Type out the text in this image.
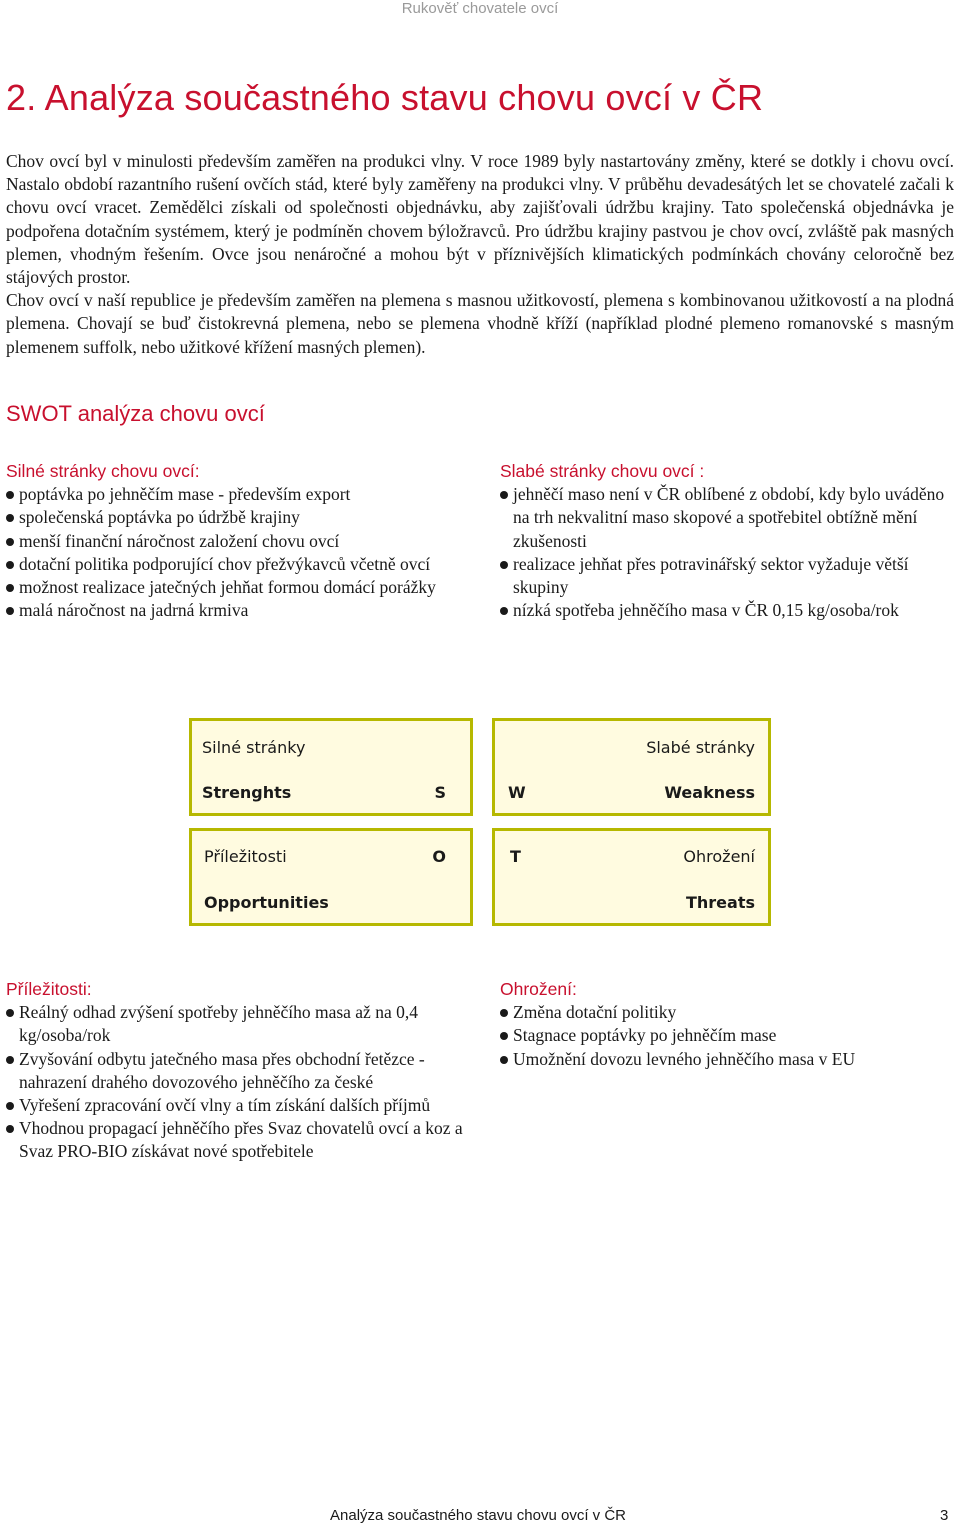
Rukověť chovatele ovcí
2. Analýza součastného stavu chovu ovcí v ČR

Chov ovcí byl v minulosti především zaměřen na produkci vlny. V roce 1989 byly nastartovány změny, které se dotkly i chovu ovcí. Nastalo období razantního rušení ovčích stád, které byly zaměřeny na produkci vlny. V průběhu devadesátých let se chovatelé začali k chovu ovcí vracet. Zemědělci získali od společnosti objednávku, aby zajišťovali údržbu krajiny. Tato společenská objednávka je podpořena dotačním systémem, který je podmíněn chovem býložravců. Pro údržbu krajiny pastvou je chov ovcí, zvláště pak masných plemen, vhodným řešením. Ovce jsou nenáročné a mohou být v příznivějších klimatických podmínkách chovány celoročně bez stájových prostor.

Chov ovcí v naší republice je především zaměřen na plemena s masnou užitkovostí, plemena s kombinovanou užitkovostí a na plodná plemena. Chovají se buď čistokrevná plemena, nebo se plemena vhodně kříží (například plodné plemeno romanovské s masným plemenem suffolk, nebo užitkové křížení masných plemen).

SWOT analýza chovu ovcí
Silné stránky chovu ovcí:
poptávka po jehněčím mase - především export
společenská poptávka po údržbě krajiny
menší finanční náročnost založení chovu ovcí
dotační politika podporující chov přežvýkavců včetně ovcí
možnost realizace jatečných jehňat formou domácí porážky
malá náročnost na jadrná krmiva
Slabé stránky chovu ovcí :
jehněčí maso není v ČR oblíbené z období, kdy bylo uváděno na trh nekvalitní maso skopové a spotřebitel obtížně mění zkušenosti
realizace jehňat přes potravinářský sektor vyžaduje větší skupiny
nízká spotřeba jehněčího masa v ČR 0,15 kg/osoba/rok
Silné stránky
Strenghts	S
Slabé stránky
W	Weakness
Příležitosti	O
Opportunities
T	Ohrožení
Threats
Příležitosti:
Reálný odhad zvýšení spotřeby jehněčího masa až na 0,4 kg/osoba/rok
Zvyšování odbytu jatečného masa přes obchodní řetězce - nahrazení drahého dovozového jehněčího za české
Vyřešení zpracování ovčí vlny a tím získání dalších příjmů
Vhodnou propagací jehněčího přes Svaz chovatelů ovcí a koz a Svaz PRO-BIO získávat nové spotřebitele
Ohrožení:
Změna dotační politiky
Stagnace poptávky po jehněčím mase
Umožnění dovozu levného jehněčího masa v EU
Analýza součastného stavu chovu ovcí v ČR	3
